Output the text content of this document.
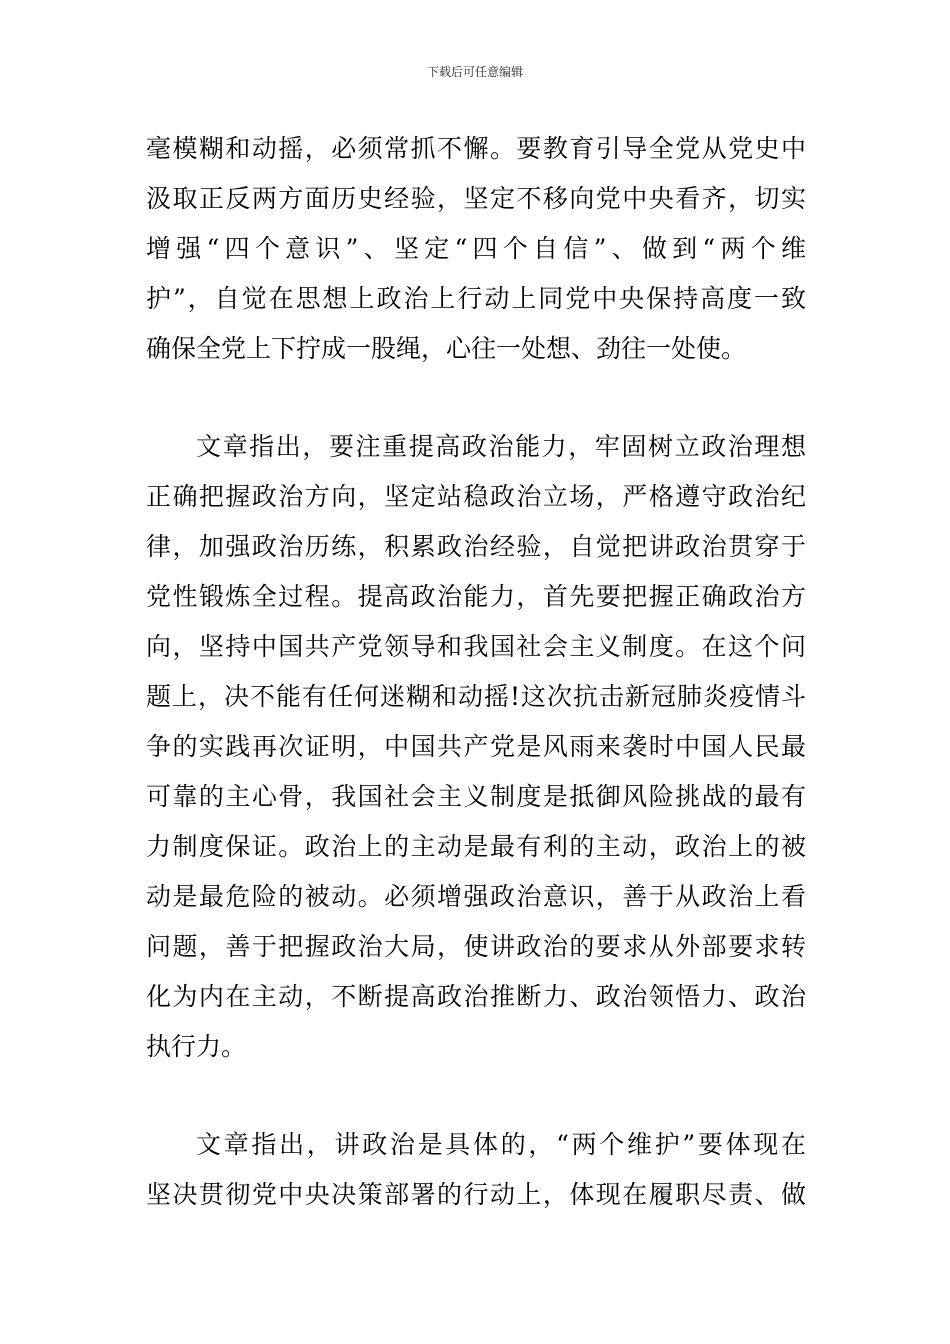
下载后可任意编辑
毫模糊和动摇，必须常抓不懈。要教育引导全党从党史中
汲取正反两方面历史经验，坚定不移向党中央看齐，切实
增强“四个意识”、坚定“四个自信”、做到“两个维
护”，自觉在思想上政治上行动上同党中央保持高度一致
确保全党上下拧成一股绳，心往一处想、劲往一处使。
文章指出，要注重提高政治能力，牢固树立政治理想
正确把握政治方向，坚定站稳政治立场，严格遵守政治纪
律，加强政治历练，积累政治经验，自觉把讲政治贯穿于
党性锻炼全过程。提高政治能力，首先要把握正确政治方
向，坚持中国共产党领导和我国社会主义制度。在这个问
题上，决不能有任何迷糊和动摇!这次抗击新冠肺炎疫情斗
争的实践再次证明，中国共产党是风雨来袭时中国人民最
可靠的主心骨，我国社会主义制度是抵御风险挑战的最有
力制度保证。政治上的主动是最有利的主动，政治上的被
动是最危险的被动。必须增强政治意识，善于从政治上看
问题，善于把握政治大局，使讲政治的要求从外部要求转
化为内在主动，不断提高政治推断力、政治领悟力、政治
执行力。
文章指出，讲政治是具体的，“两个维护”要体现在
坚决贯彻党中央决策部署的行动上，体现在履职尽责、做
